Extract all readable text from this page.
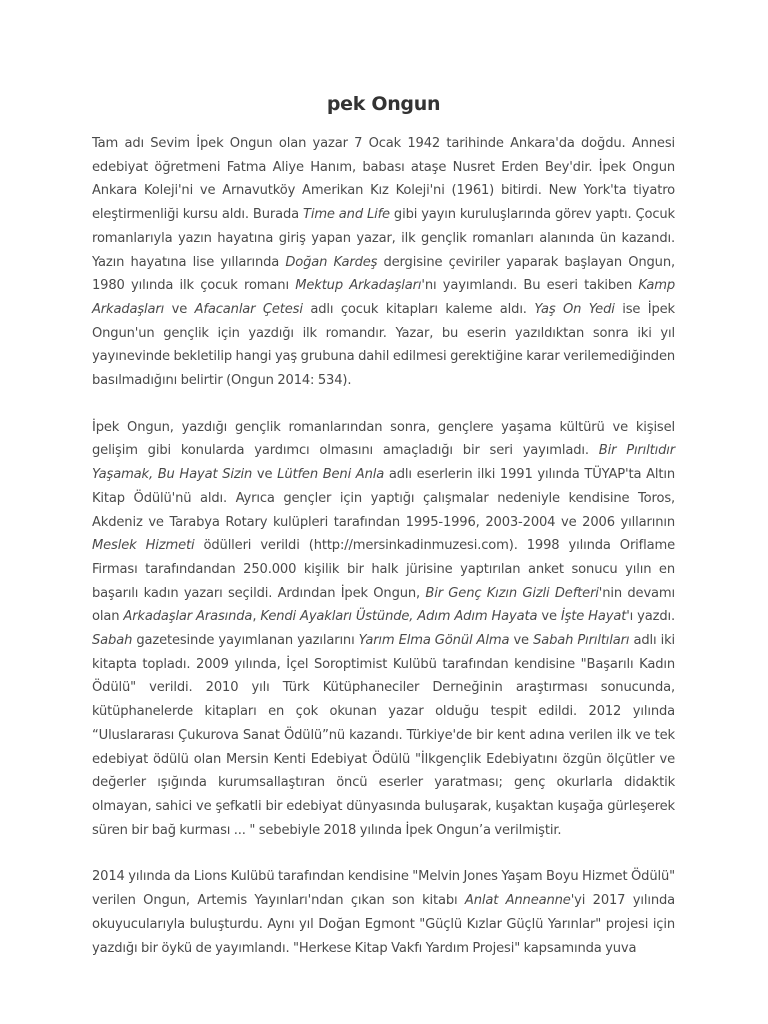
pek Ongun

Tam adı Sevim İpek Ongun olan yazar 7 Ocak 1942 tarihinde Ankara'da doğdu. Annesi edebiyat öğretmeni Fatma Aliye Hanım, babası ataşe Nusret Erden Bey'dir. İpek Ongun Ankara Koleji'ni ve Arnavutköy Amerikan Kız Koleji'ni (1961) bitirdi. New York'ta tiyatro eleştirmenliği kursu aldı. Burada Time and Life gibi yayın kuruluşlarında görev yaptı. Çocuk romanlarıyla yazın hayatına giriş yapan yazar, ilk gençlik romanları alanında ün kazandı. Yazın hayatına lise yıllarında Doğan Kardeş dergisine çeviriler yaparak başlayan Ongun, 1980 yılında ilk çocuk romanı Mektup Arkadaşları'nı yayımlandı. Bu eseri takiben Kamp Arkadaşları ve Afacanlar Çetesi adlı çocuk kitapları kaleme aldı. Yaş On Yedi ise İpek Ongun'un gençlik için yazdığı ilk romandır. Yazar, bu eserin yazıldıktan sonra iki yıl yayınevinde bekletilip hangi yaş grubuna dahil edilmesi gerektiğine karar verilemediğinden basılmadığını belirtir (Ongun 2014: 534).

İpek Ongun, yazdığı gençlik romanlarından sonra, gençlere yaşama kültürü ve kişisel gelişim gibi konularda yardımcı olmasını amaçladığı bir seri yayımladı. Bir Pırıltıdır Yaşamak, Bu Hayat Sizin ve Lütfen Beni Anla adlı eserlerin ilki 1991 yılında TÜYAP'ta Altın Kitap Ödülü'nü aldı. Ayrıca gençler için yaptığı çalışmalar nedeniyle kendisine Toros, Akdeniz ve Tarabya Rotary kulüpleri tarafından 1995-1996, 2003-2004 ve 2006 yıllarının Meslek Hizmeti ödülleri verildi (http://mersinkadinmuzesi.com). 1998 yılında Oriflame Firması tarafındandan 250.000 kişilik bir halk jürisine yaptırılan anket sonucu yılın en başarılı kadın yazarı seçildi. Ardından İpek Ongun, Bir Genç Kızın Gizli Defteri'nin devamı olan Arkadaşlar Arasında, Kendi Ayakları Üstünde, Adım Adım Hayata ve İşte Hayat'ı yazdı. Sabah gazetesinde yayımlanan yazılarını Yarım Elma Gönül Alma ve Sabah Pırıltıları adlı iki kitapta topladı. 2009 yılında, İçel Soroptimist Kulübü tarafından kendisine "Başarılı Kadın Ödülü" verildi. 2010 yılı Türk Kütüphaneciler Derneğinin araştırması sonucunda, kütüphanelerde kitapları en çok okunan yazar olduğu tespit edildi. 2012 yılında “Uluslararası Çukurova Sanat Ödülü”nü kazandı. Türkiye'de bir kent adına verilen ilk ve tek edebiyat ödülü olan Mersin Kenti Edebiyat Ödülü "İlkgençlik Edebiyatını özgün ölçütler ve değerler ışığında kurumsallaştıran öncü eserler yaratması; genç okurlarla didaktik olmayan, sahici ve şefkatli bir edebiyat dünyasında buluşarak, kuşaktan kuşağa gürleşerek süren bir bağ kurması ... " sebebiyle 2018 yılında İpek Ongun’a verilmiştir.

2014 yılında da Lions Kulübü tarafından kendisine "Melvin Jones Yaşam Boyu Hizmet Ödülü" verilen Ongun, Artemis Yayınları'ndan çıkan son kitabı Anlat Anneanne'yi 2017 yılında okuyucularıyla buluşturdu. Aynı yıl Doğan Egmont "Güçlü Kızlar Güçlü Yarınlar" projesi için yazdığı bir öykü de yayımlandı. "Herkese Kitap Vakfı Yardım Projesi" kapsamında yuva
